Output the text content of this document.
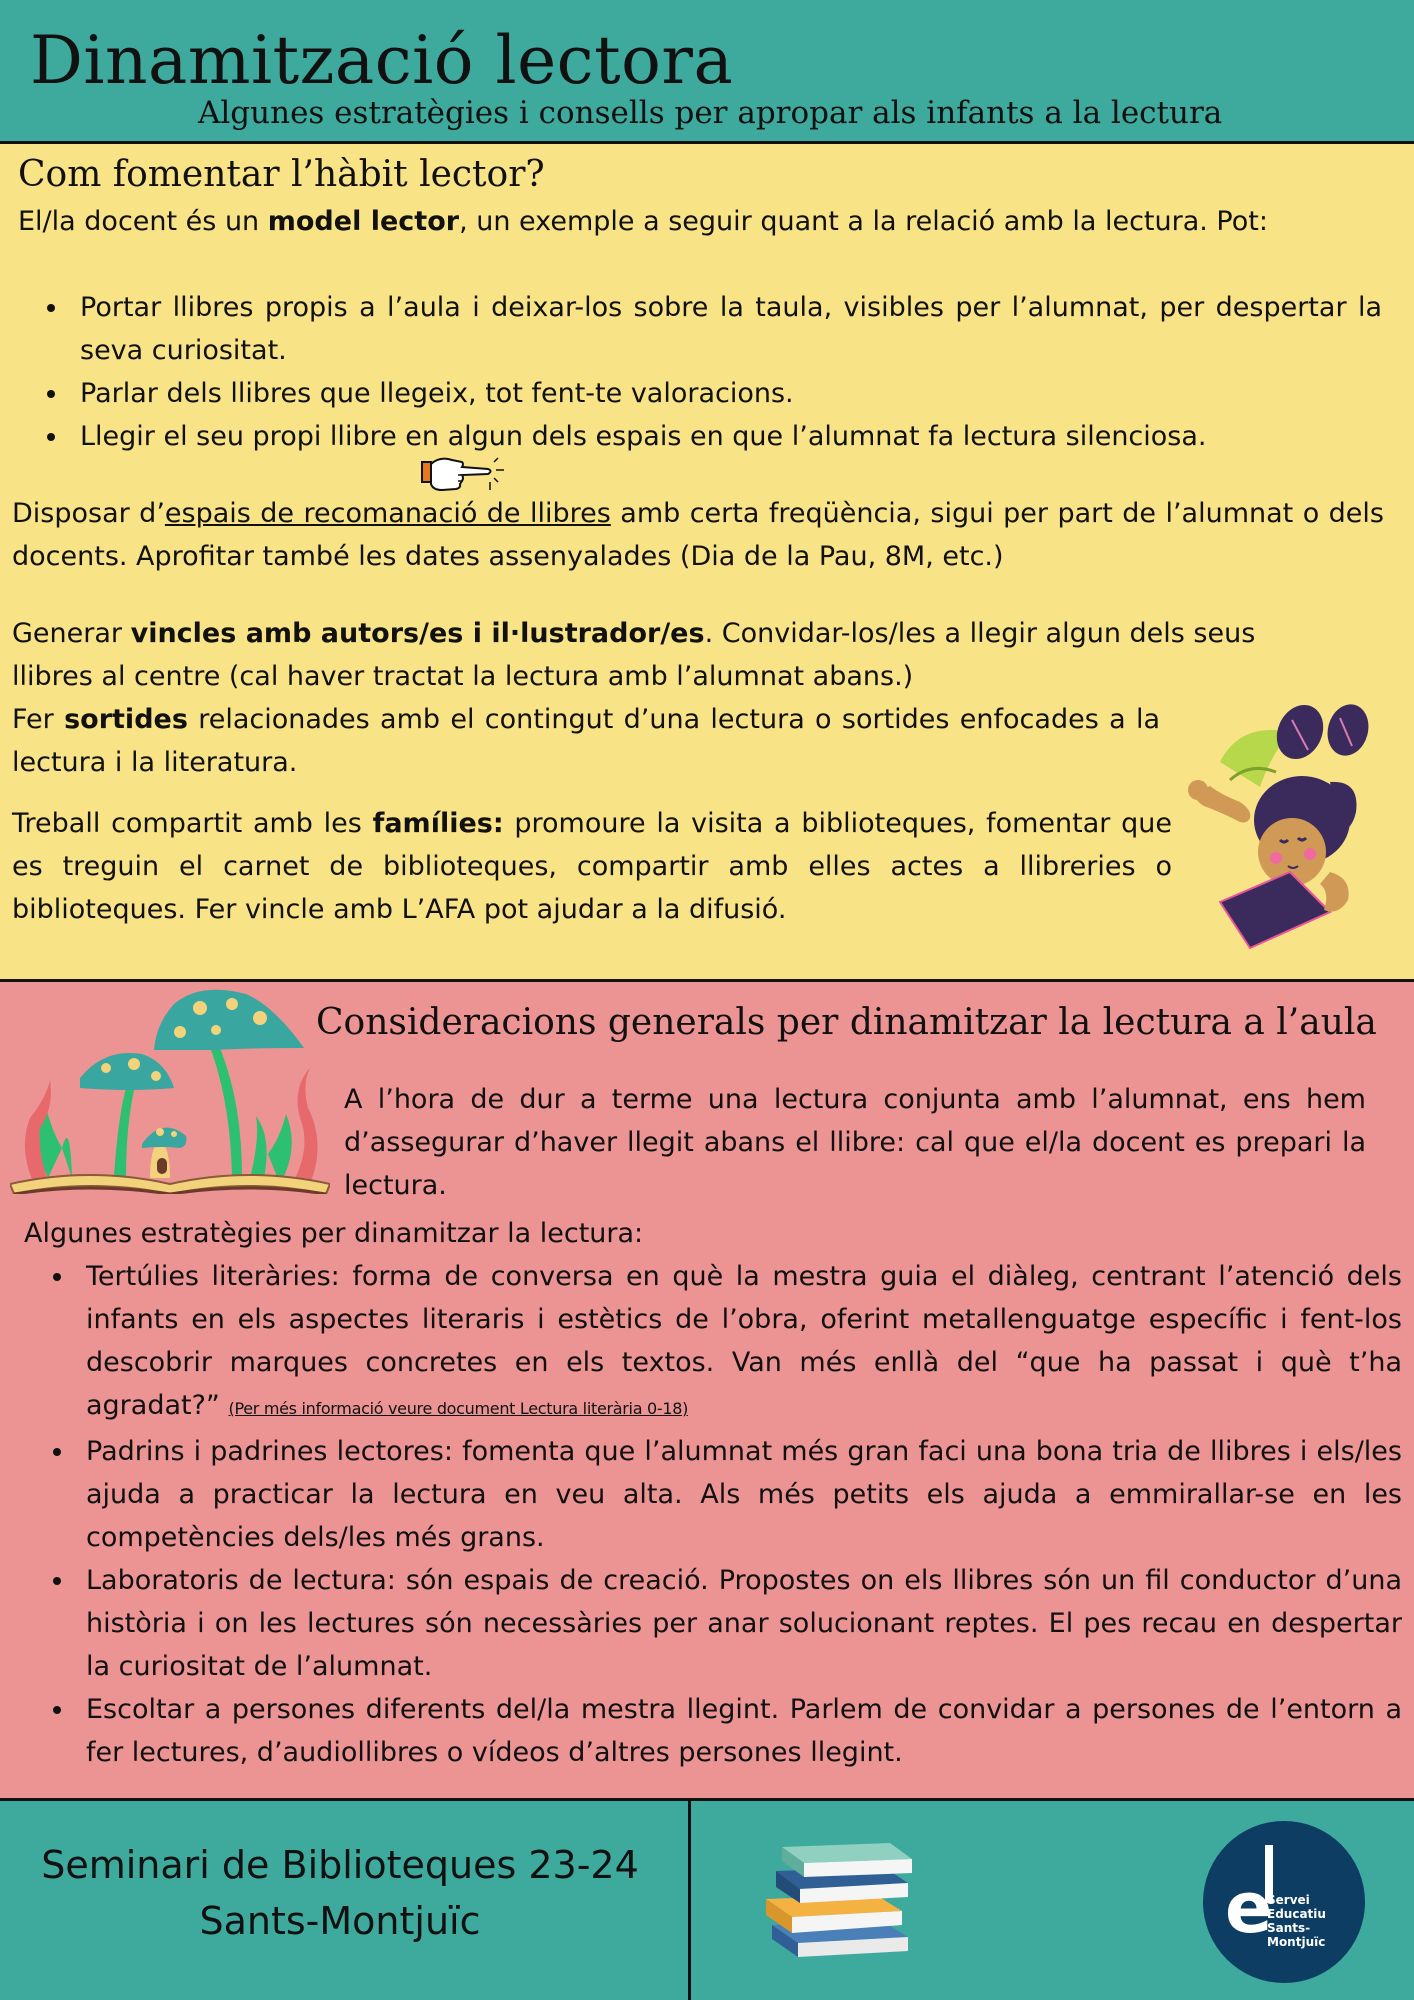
Dinamització lectora
Algunes estratègies i consells per apropar als infants a la lectura
Com fomentar l’hàbit lector?
El/la docent és un model lector, un exemple a seguir quant a la relació amb la lectura. Pot:
• Portar llibres propis a l’aula i deixar-los sobre la taula, visibles per l’alumnat, per despertar la seva curiositat.
• Parlar dels llibres que llegeix, tot fent-te valoracions.
• Llegir el seu propi llibre en algun dels espais en que l’alumnat fa lectura silenciosa.
Disposar d’espais de recomanació de llibres amb certa freqüència, sigui per part de l’alumnat o dels docents. Aprofitar també les dates assenyalades (Dia de la Pau, 8M, etc.)
Generar vincles amb autors/es i il·lustrador/es. Convidar-los/les a llegir algun dels seus llibres al centre (cal haver tractat la lectura amb l’alumnat abans.)
Fer sortides relacionades amb el contingut d’una lectura o sortides enfocades a la lectura i la literatura.
Treball compartit amb les famílies: promoure la visita a biblioteques, fomentar que es treguin el carnet de biblioteques, compartir amb elles actes a llibreries o biblioteques. Fer vincle amb L’AFA pot ajudar a la difusió.
Consideracions generals per dinamitzar la lectura a l’aula
A l’hora de dur a terme una lectura conjunta amb l’alumnat, ens hem d’assegurar d’haver llegit abans el llibre: cal que el/la docent es prepari la lectura.
Algunes estratègies per dinamitzar la lectura:
• Tertúlies literàries: forma de conversa en què la mestra guia el diàleg, centrant l’atenció dels infants en els aspectes literaris i estètics de l’obra, oferint metallenguatge específic i fent-los descobrir marques concretes en els textos. Van més enllà del “que ha passat i què t’ha agradat?” (Per més informació veure document Lectura literària 0-18)
• Padrins i padrines lectores: fomenta que l’alumnat més gran faci una bona tria de llibres i els/les ajuda a practicar la lectura en veu alta. Als més petits els ajuda a emmirallar-se en les competències dels/les més grans.
• Laboratoris de lectura: són espais de creació. Propostes on els llibres són un fil conductor d’una història i on les lectures són necessàries per anar solucionant reptes. El pes recau en despertar la curiositat de l’alumnat.
• Escoltar a persones diferents del/la mestra llegint. Parlem de convidar a persones de l’entorn a fer lectures, d’audiollibres o vídeos d’altres persones llegint.
Seminari de Biblioteques 23-24
Sants-Montjuïc	e
Servei Educatiu
Sants-Montjuïc
